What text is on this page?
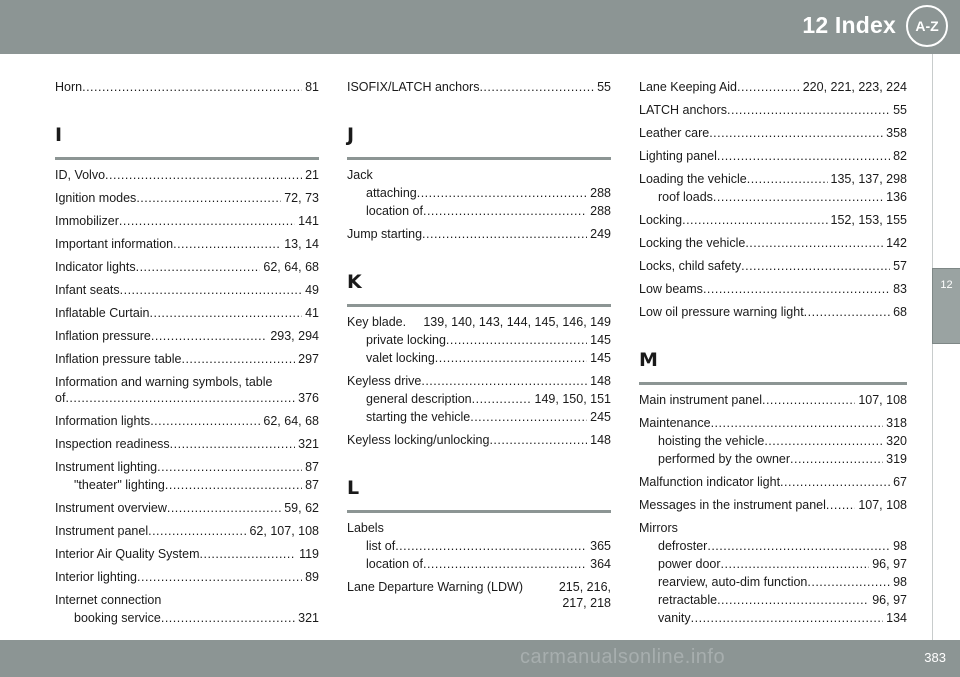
12 Index	A-Z
12
Horn .....	81
I
ID, Volvo .....	21
Ignition modes .....	72, 73
Immobilizer .....	141
Important information .....	13, 14
Indicator lights .....	62, 64, 68
Infant seats .....	49
Inflatable Curtain .....	41
Inflation pressure .....	293, 294
Inflation pressure table .....	297
Information and warning symbols, table
of .....	376
Information lights .....	62, 64, 68
Inspection readiness .....	321
Instrument lighting .....	87
"theater" lighting .....	87
Instrument overview .....	59, 62
Instrument panel .....	62, 107, 108
Interior Air Quality System .....	119
Interior lighting .....	89
Internet connection
booking service .....	321
ISOFIX/LATCH anchors .....	55
J
Jack
attaching .....	288
location of .....	288
Jump starting .....	249
K
Key blade. 139, 140, 143, 144, 145, 146, 149
private locking .....	145
valet locking .....	145
Keyless drive .....	148
general description .....	149, 150, 151
starting the vehicle .....	245
Keyless locking/unlocking .....	148
L
Labels
list of .....	365
location of .....	364
Lane Departure Warning (LDW)	215, 216,
217, 218
Lane Keeping Aid .....	220, 221, 223, 224
LATCH anchors .....	55
Leather care .....	358
Lighting panel .....	82
Loading the vehicle .....	135, 137, 298
roof loads .....	136
Locking .....	152, 153, 155
Locking the vehicle .....	142
Locks, child safety .....	57
Low beams .....	83
Low oil pressure warning light .....	68
M
Main instrument panel .....	107, 108
Maintenance .....	318
hoisting the vehicle .....	320
performed by the owner .....	319
Malfunction indicator light .....	67
Messages in the instrument panel .....	107, 108
Mirrors
defroster .....	98
power door .....	96, 97
rearview, auto-dim function .....	98
retractable .....	96, 97
vanity .....	134
383
carmanualsonline.info
